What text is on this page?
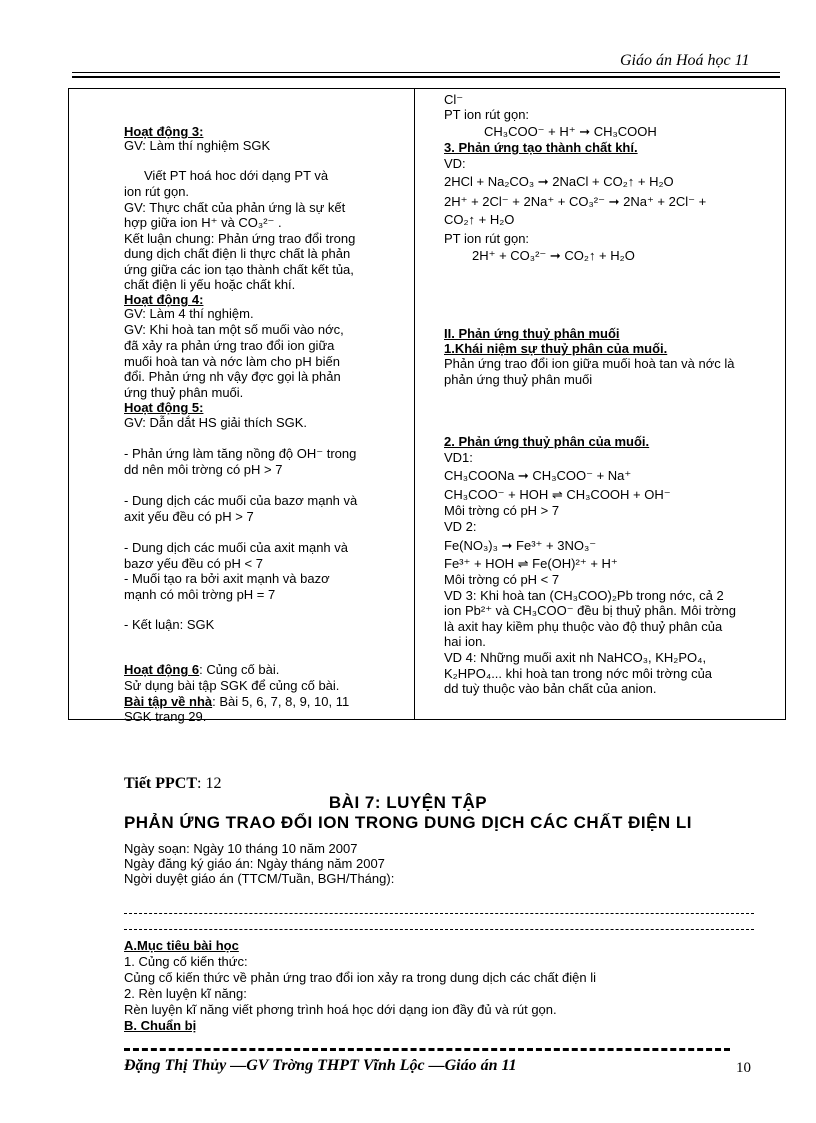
Giáo án Hoá học 11
Hoạt động 3:
GV: Làm thí nghiệm SGK
Viết PT hoá hoc dới dạng PT và
ion rút gọn.
GV: Thực chất của phản ứng là sự kết
hợp giữa ion H⁺ và CO₃²⁻ .
Kết luận chung: Phản ứng trao đổi trong
dung dịch chất điện li thực chất là phản
ứng giữa các ion tạo thành chất kết tủa,
chất điện li yếu hoặc chất khí.
Hoạt động 4:
GV: Làm 4 thí nghiệm.
GV: Khi hoà tan một số muối vào nớc,
đã xảy ra phản ứng trao đổi ion giữa
muối hoà tan và nớc làm cho pH biến
đổi. Phản ứng nh vậy đợc gọi là phản
ứng thuỷ phân muối.
Hoạt động 5:
GV: Dẫn dắt HS giải thích SGK.
- Phản ứng làm tăng nồng độ OH⁻ trong
dd nên môi trờng có pH > 7
- Dung dịch các muối của bazơ mạnh và
axit yếu đều có pH > 7
- Dung dịch các muối của axit mạnh và
bazơ yếu đều có pH < 7
- Muối tạo ra bởi axit mạnh và bazơ
mạnh có môi trờng pH = 7
- Kết luận: SGK
Hoạt động 6: Củng cố bài.
Sử dụng bài tập SGK để củng cố bài.
Bài tập về nhà: Bài 5, 6, 7, 8, 9, 10, 11
SGK trang 29.
Cl⁻
PT ion rút gọn:
CH₃COO⁻ + H⁺ ➞ CH₃COOH
3. Phản ứng tạo thành chất khí.
VD:
2HCl + Na₂CO₃ ➞ 2NaCl + CO₂↑ + H₂O
2H⁺ + 2Cl⁻ + 2Na⁺ + CO₃²⁻ ➞ 2Na⁺ + 2Cl⁻ +
CO₂↑ + H₂O
PT ion rút gọn:
2H⁺ + CO₃²⁻ ➞ CO₂↑ + H₂O
II. Phản ứng thuỷ phân muối
1.Khái niệm sự thuỷ phân của muối.
Phản ứng trao đổi ion giữa muối hoà tan và nớc là
phản ứng thuỷ phân muối
2. Phản ứng thuỷ phân của muối.
VD1:
CH₃COONa ➞ CH₃COO⁻ + Na⁺
CH₃COO⁻ + HOH ⇌ CH₃COOH + OH⁻
Môi trờng có pH > 7
VD 2:
Fe(NO₃)₃ ➞ Fe³⁺ + 3NO₃⁻
Fe³⁺ + HOH ⇌ Fe(OH)²⁺ + H⁺
Môi trờng có pH < 7
VD 3: Khi hoà tan (CH₃COO)₂Pb trong nớc, cả 2
ion Pb²⁺ và CH₃COO⁻ đều bị thuỷ phân. Môi trờng
là axit hay kiềm phụ thuộc vào độ thuỷ phân của
hai ion.
VD 4: Những muối axit nh NaHCO₃, KH₂PO₄,
K₂HPO₄... khi hoà tan trong nớc môi trờng của
dd tuỳ thuộc vào bản chất của anion.
Tiết PPCT: 12
BÀI 7: LUYỆN TẬP
PHẢN ỨNG TRAO ĐỔI ION TRONG DUNG DỊCH CÁC CHẤT ĐIỆN LI
Ngày soạn: Ngày 10 tháng 10 năm 2007
Ngày đăng ký giáo án: Ngày tháng năm 2007
Ngời duyệt giáo án (TTCM/Tuần, BGH/Tháng):
A.Mục tiêu bài học
1. Củng cố kiến thức:
Củng cố kiến thức về phản ứng trao đổi ion xảy ra trong dung dịch các chất điện li
2. Rèn luyện kĩ năng:
Rèn luyện kĩ năng viết phơng trình hoá học dới dạng ion đầy đủ và rút gọn.
B. Chuẩn bị
Đặng Thị Thủy —GV Trờng THPT Vĩnh Lộc —Giáo án 11	10
